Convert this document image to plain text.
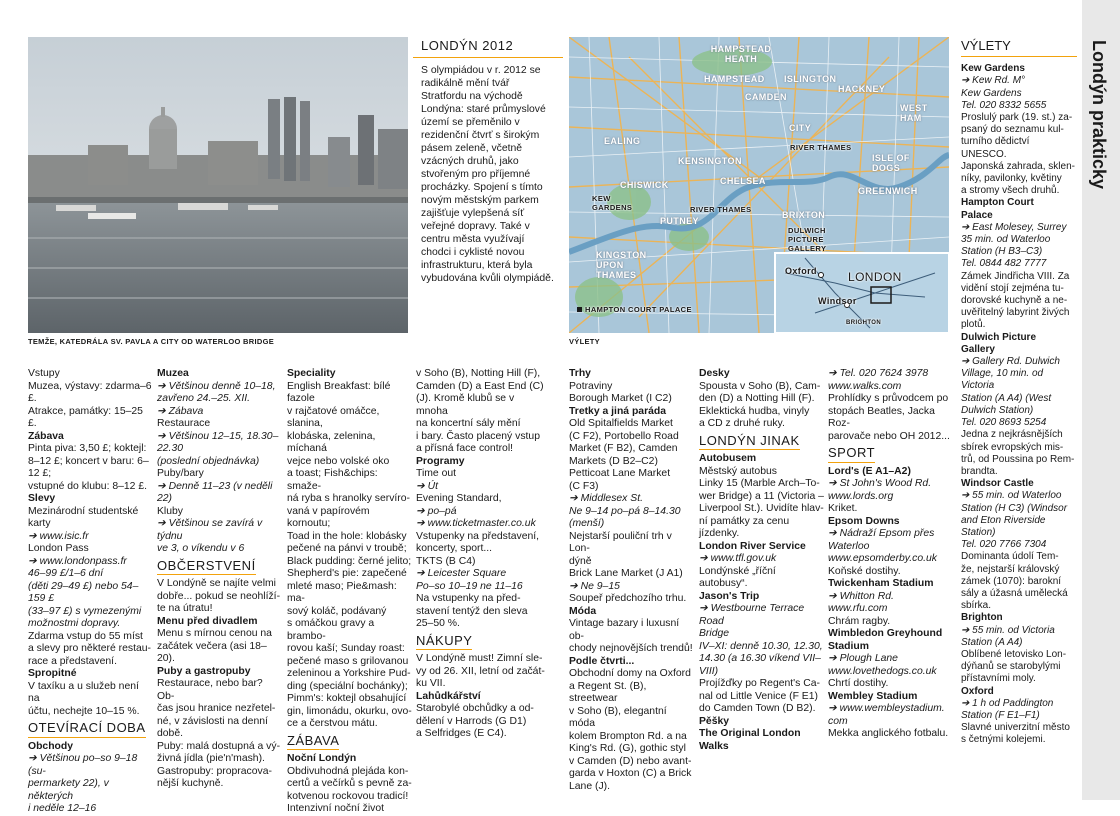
Londýn prakticky
TEMŽE, KATEDRÁLA SV. PAVLA A CITY OD WATERLOO BRIDGE
LONDÝN 2012

S olympiádou v r. 2012 se radikálně mění tvář Stratfordu na východě Londýna: staré průmyslové území se přeměnilo v rezidenční čtvrť s širokým pásem zeleně, včetně vzácných druhů, jako stvořeným pro příjemné procházky. Spojení s tímto novým městským parkem zajišťuje vylepšená síť veřejné dopravy. Také v centru města využívají chodci i cyklisté novou infrastrukturu, která byla vybudována kvůli olympiádě.

HAMPSTEAD HEATH
HAMPSTEAD ISLINGTON
CAMDEN
HACKNEY
WEST HAM
EALING
CITY
KENSINGTON
RIVER THAMES
CHELSEA
ISLE OF DOGS
CHISWICK
GREENWICH
KEW GARDENS
PUTNEY
RIVER THAMES
BRIXTON
DULWICH PICTURE GALLERY
KINGSTON UPON THAMES
HAMPTON COURT PALACE
Oxford	LONDON
Windsor
BRIGHTON
VÝLETY

Vstupy

Muzea, výstavy: zdarma–6 £.

Atrakce, památky: 15–25 £.

Zábava

Pinta piva: 3,50 £; koktejl:

8–12 £; koncert v baru: 6–12 £;

vstupné do klubu: 8–12 £.

Slevy

Mezinárodní studentské

karty

➔ www.isic.fr

London Pass

➔ www.londonpass.fr

46–99 £/1–6 dní

(děti 29–49 £) nebo 54–159 £

(33–97 £) s vymezenými

možnostmi dopravy.

Zdarma vstup do 55 míst

a slevy pro některé restau-

race a představení.

Spropitné

V taxíku a u služeb není na

účtu, nechejte 10–15 %.

OTEVÍRACÍ DOBA

Obchody

➔ Většinou po–so 9–18 (su-

permarkety 22), v některých

i neděle 12–16

Muzea

➔ Většinou denně 10–18,

zavřeno 24.–25. XII.

➔ Zábava

Restaurace

➔ Většinou 12–15, 18.30–22.30

(poslední objednávka)

Puby/bary

➔ Denně 11–23 (v neděli 22)

Kluby

➔ Většinou se zavírá v týdnu

ve 3, o víkendu v 6

OBČERSTVENÍ

V Londýně se najíte velmi

dobře... pokud se neohlíží-

te na útratu!

Menu před divadlem

Menu s mírnou cenou na

začátek večera (asi 18–20).

Puby a gastropuby

Restaurace, nebo bar? Ob-

čas jsou hranice nezřetel-

né, v závislosti na denní

době.

Puby: malá dostupná a vý-

živná jídla (pie'n'mash).

Gastropuby: propracova-

nější kuchyně.

Speciality

English Breakfast: bílé fazole

v rajčatové omáčce, slanina,

klobáska, zelenina, míchaná

vejce nebo volské oko

a toast; Fish&chips: smaže-

ná ryba s hranolky servíro-

vaná v papírovém kornoutu;

Toad in the hole: klobásky

pečené na pánvi v troubě;

Black pudding: černé jelito;

Shepherd's pie: zapečené

mleté maso; Pie&mash: ma-

sový koláč, podávaný

s omáčkou gravy a brambo-

rovou kaší; Sunday roast:

pečené maso s grilovanou

zeleninou a Yorkshire Pud-

ding (speciální bochánky);

Pimm's: koktejl obsahující

gin, limonádu, okurku, ovo-

ce a čerstvou mátu.

ZÁBAVA

Noční Londýn

Obdivuhodná plejáda kon-

certů a večírků s pevně za-

kotvenou rockovou tradicí!

Intenzivní noční život

v Soho (B), Notting Hill (F),

Camden (D) a East End (C)

(J). Kromě klubů se v mnoha

na koncertní sály mění

i bary. Často placený vstup

a přísná face control!

Programy

Time out

➔ Út

Evening Standard,

➔ po–pá

➔ www.ticketmaster.co.uk

Vstupenky na představení,

koncerty, sport...

TKTS (B C4)

➔ Leicester Square

Po–so 10–19 ne 11–16

Na vstupenky na před-

stavení tentýž den sleva

25–50 %.

NÁKUPY

V Londýně must! Zimní sle-

vy od 26. XII, letní od začát-

ku VII.

Lahůdkářství

Starobylé obchůdky a od-

dělení v Harrods (G D1)

a Selfridges (E C4).

Trhy

Potraviny

Borough Market (I C2)

Tretky a jiná paráda

Old Spitalfields Market

(C F2), Portobello Road

Market (F B2), Camden

Markets (D B2–C2)

Petticoat Lane Market

(C F3)

➔ Middlesex St.

Ne 9–14 po–pá 8–14.30

(menší)

Nejstarší pouliční trh v Lon-

dýně

Brick Lane Market (J A1)

➔ Ne 9–15

Soupeř předchozího trhu.

Móda

Vintage bazary i luxusní ob-

chody nejnovějších trendů!

Podle čtvrti...

Obchodní domy na Oxford

a Regent St. (B), streetwear

v Soho (B), elegantní móda

kolem Brompton Rd. a na

King's Rd. (G), gothic styl

v Camden (D) nebo avant-

garda v Hoxton (C) a Brick

Lane (J).

Desky

Spousta v Soho (B), Cam-

den (D) a Notting Hill (F).

Eklektická hudba, vinyly

a CD z druhé ruky.

LONDÝN JINAK

Autobusem

Městský autobus

Linky 15 (Marble Arch–To-

wer Bridge) a 11 (Victoria –

Liverpool St.). Uvidíte hlav-

ní památky za cenu

jízdenky.

London River Service

➔ www.tfl.gov.uk

Londýnské „říční autobusy“.

Jason's Trip

➔ Westbourne Terrace Road

Bridge

IV–XI: denně 10.30, 12.30,

14.30 (a 16.30 víkend VII–VIII)

Projížďky po Regent's Ca-

nal od Little Venice (F E1)

do Camden Town (D B2).

Pěšky

The Original London

Walks

➔ Tel. 020 7624 3978

www.walks.com

Prohlídky s průvodcem po

stopách Beatles, Jacka Roz-

parovače nebo OH 2012...

SPORT

Lord's (E A1–A2)

➔ St John's Wood Rd.

www.lords.org

Kriket.

Epsom Downs

➔ Nádraží Epsom přes

Waterloo

www.epsomderby.co.uk

Koňské dostihy.

Twickenham Stadium

➔ Whitton Rd.

www.rfu.com

Chrám ragby.

Wimbledon Greyhound

Stadium

➔ Plough Lane

www.lovethedogs.co.uk

Chrtí dostihy.

Wembley Stadium

➔ www.wembleystadium.

com

Mekka anglického fotbalu.

VÝLETY

Kew Gardens

➔ Kew Rd. M°

Kew Gardens

Tel. 020 8332 5655

Proslulý park (19. st.) za-

psaný do seznamu kul-

turního dědictví UNESCO.

Japonská zahrada, sklen-

níky, pavilonky, květiny

a stromy všech druhů.

Hampton Court

Palace

➔ East Molesey, Surrey

35 min. od Waterloo

Station (H B3–C3)

Tel. 0844 482 7777

Zámek Jindřicha VIII. Za

vidění stojí zejména tu-

dorovské kuchyně a ne-

uvěřitelný labyrint živých

plotů.

Dulwich Picture

Gallery

➔ Gallery Rd. Dulwich

Village, 10 min. od Victoria

Station (A A4) (West

Dulwich Station)

Tel. 020 8693 5254

Jedna z nejkrásnějších

sbírek evropských mis-

trů, od Poussina po Rem-

brandta.

Windsor Castle

➔ 55 min. od Waterloo

Station (H C3) (Windsor

and Eton Riverside Station)

Tel. 020 7766 7304

Dominanta údolí Tem-

že, nejstarší královský

zámek (1070): barokní

sály a úžasná umělecká

sbírka.

Brighton

➔ 55 min. od Victoria

Station (A A4)

Oblíbené letovisko Lon-

dýňanů se starobylými

přístavními moly.

Oxford

➔ 1 h od Paddington

Station (F E1–F1)

Slavné univerzitní město

s četnými kolejemi.
